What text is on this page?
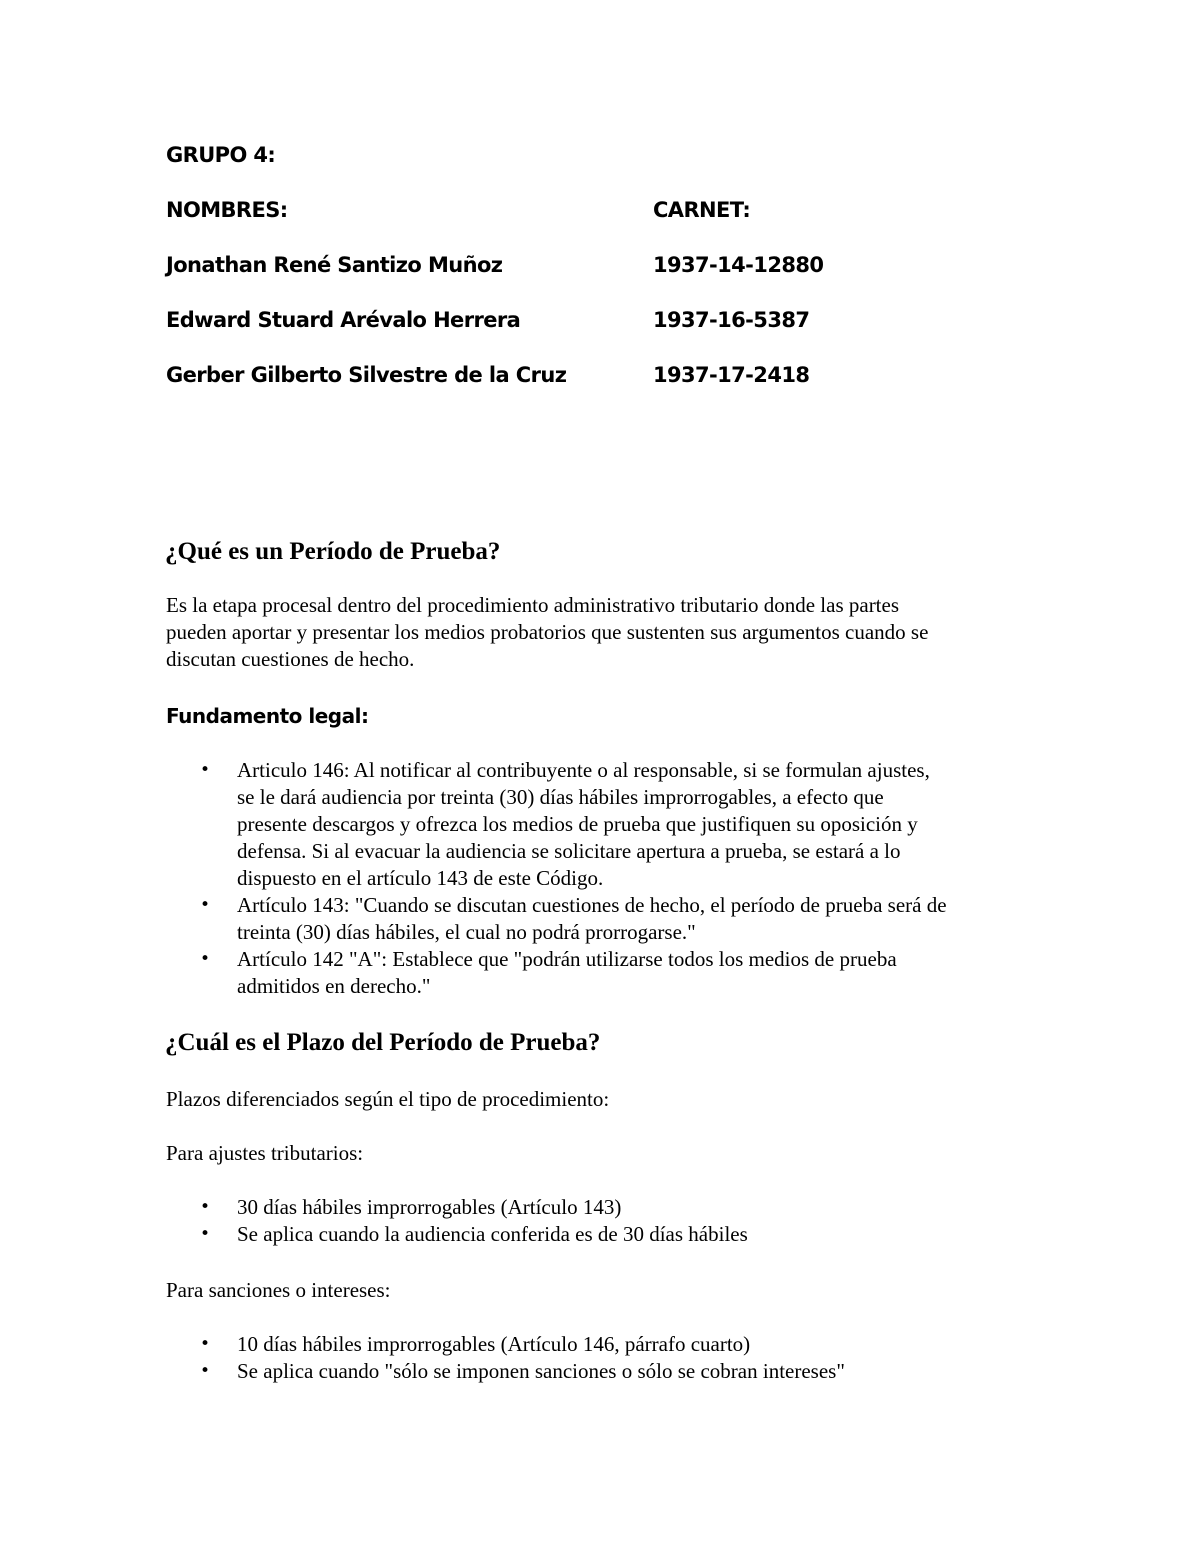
GRUPO 4:
NOMBRES:	CARNET:
Jonathan René Santizo Muñoz	1937-14-12880
Edward Stuard Arévalo Herrera	1937-16-5387
Gerber Gilberto Silvestre de la Cruz	1937-17-2418
¿Qué es un Período de Prueba?
Es la etapa procesal dentro del procedimiento administrativo tributario donde las partes
pueden aportar y presentar los medios probatorios que sustenten sus argumentos cuando se
discutan cuestiones de hecho.
Fundamento legal:
• Articulo 146: Al notificar al contribuyente o al responsable, si se formulan ajustes,
se le dará audiencia por treinta (30) días hábiles improrrogables, a efecto que
presente descargos y ofrezca los medios de prueba que justifiquen su oposición y
defensa. Si al evacuar la audiencia se solicitare apertura a prueba, se estará a lo
dispuesto en el artículo 143 de este Código.
• Artículo 143: "Cuando se discutan cuestiones de hecho, el período de prueba será de
treinta (30) días hábiles, el cual no podrá prorrogarse."
• Artículo 142 "A": Establece que "podrán utilizarse todos los medios de prueba
admitidos en derecho."
¿Cuál es el Plazo del Período de Prueba?
Plazos diferenciados según el tipo de procedimiento:
Para ajustes tributarios:
• 30 días hábiles improrrogables (Artículo 143)
• Se aplica cuando la audiencia conferida es de 30 días hábiles
Para sanciones o intereses:
• 10 días hábiles improrrogables (Artículo 146, párrafo cuarto)
• Se aplica cuando "sólo se imponen sanciones o sólo se cobran intereses"
